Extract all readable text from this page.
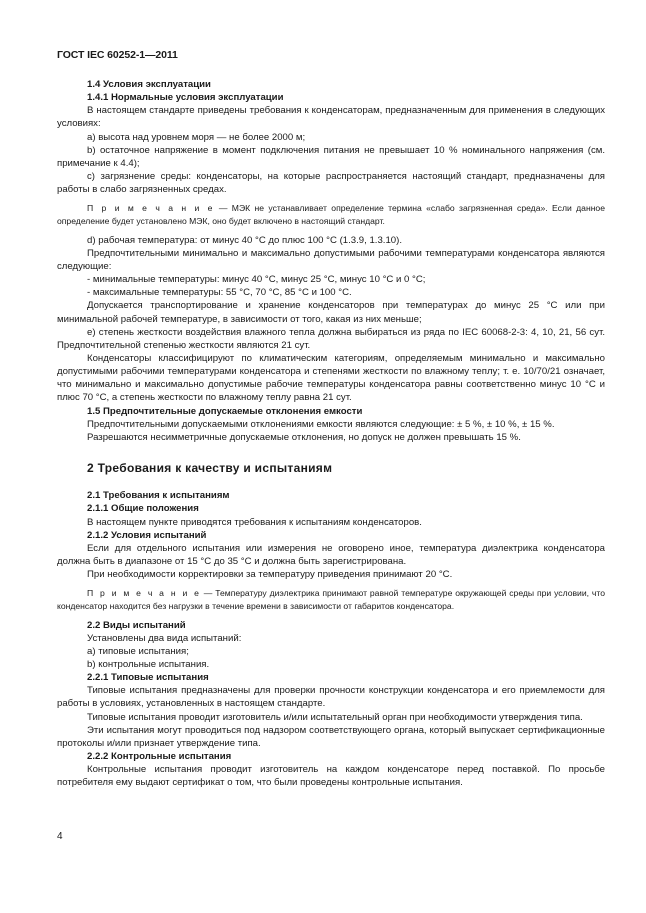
ГОСТ IEC 60252-1—2011

1.4 Условия эксплуатации

1.4.1 Нормальные условия эксплуатации

В настоящем стандарте приведены требования к конденсаторам, предназначенным для применения в следующих условиях:

a) высота над уровнем моря — не более 2000 м;

b) остаточное напряжение в момент подключения питания не превышает 10 % номинального напряжения (см. примечание к 4.4);

c) загрязнение среды: конденсаторы, на которые распространяется настоящий стандарт, предназначены для работы в слабо загрязненных средах.

П р и м е ч а н и е — МЭК не устанавливает определение термина «слабо загрязненная среда». Если данное определение будет установлено МЭК, оно будет включено в настоящий стандарт.

d) рабочая температура: от минус 40 °С до плюс 100 °С (1.3.9, 1.3.10).

Предпочтительными минимально и максимально допустимыми рабочими температурами конденсатора являются следующие:

- минимальные температуры: минус 40 °С, минус 25 °С, минус 10 °С и 0 °С;

- максимальные температуры: 55 °С, 70 °С, 85 °С и 100 °С.

Допускается транспортирование и хранение конденсаторов при температурах до минус 25 °С или при минимальной рабочей температуре, в зависимости от того, какая из них меньше;

e) степень жесткости воздействия влажного тепла должна выбираться из ряда по IEC 60068-2-3: 4, 10, 21, 56 сут. Предпочтительной степенью жесткости являются 21 сут.

Конденсаторы классифицируют по климатическим категориям, определяемым минимально и максимально допустимыми рабочими температурами конденсатора и степенями жесткости по влажному теплу; т. е. 10/70/21 означает, что минимально и максимально допустимые рабочие температуры конденсатора равны соответственно минус 10 °С и плюс 70 °С, а степень жесткости по влажному теплу равна 21 сут.

1.5 Предпочтительные допускаемые отклонения емкости

Предпочтительными допускаемыми отклонениями емкости являются следующие: ± 5 %, ± 10 %, ± 15 %.

Разрешаются несимметричные допускаемые отклонения, но допуск не должен превышать 15 %.

2 Требования к качеству и испытаниям

2.1 Требования к испытаниям

2.1.1 Общие положения

В настоящем пункте приводятся требования к испытаниям конденсаторов.

2.1.2 Условия испытаний

Если для отдельного испытания или измерения не оговорено иное, температура диэлектрика конденсатора должна быть в диапазоне от 15 °С до 35 °С и должна быть зарегистрирована.

При необходимости корректировки за температуру приведения принимают 20 °С.

П р и м е ч а н и е — Температуру диэлектрика принимают равной температуре окружающей среды при условии, что конденсатор находится без нагрузки в течение времени в зависимости от габаритов конденсатора.

2.2 Виды испытаний

Установлены два вида испытаний:

a) типовые испытания;

b) контрольные испытания.

2.2.1 Типовые испытания

Типовые испытания предназначены для проверки прочности конструкции конденсатора и его приемлемости для работы в условиях, установленных в настоящем стандарте.

Типовые испытания проводит изготовитель и/или испытательный орган при необходимости утверждения типа.

Эти испытания могут проводиться под надзором соответствующего органа, который выпускает сертификационные протоколы и/или признает утверждение типа.

2.2.2 Контрольные испытания

Контрольные испытания проводит изготовитель на каждом конденсаторе перед поставкой. По просьбе потребителя ему выдают сертификат о том, что были проведены контрольные испытания.

4
